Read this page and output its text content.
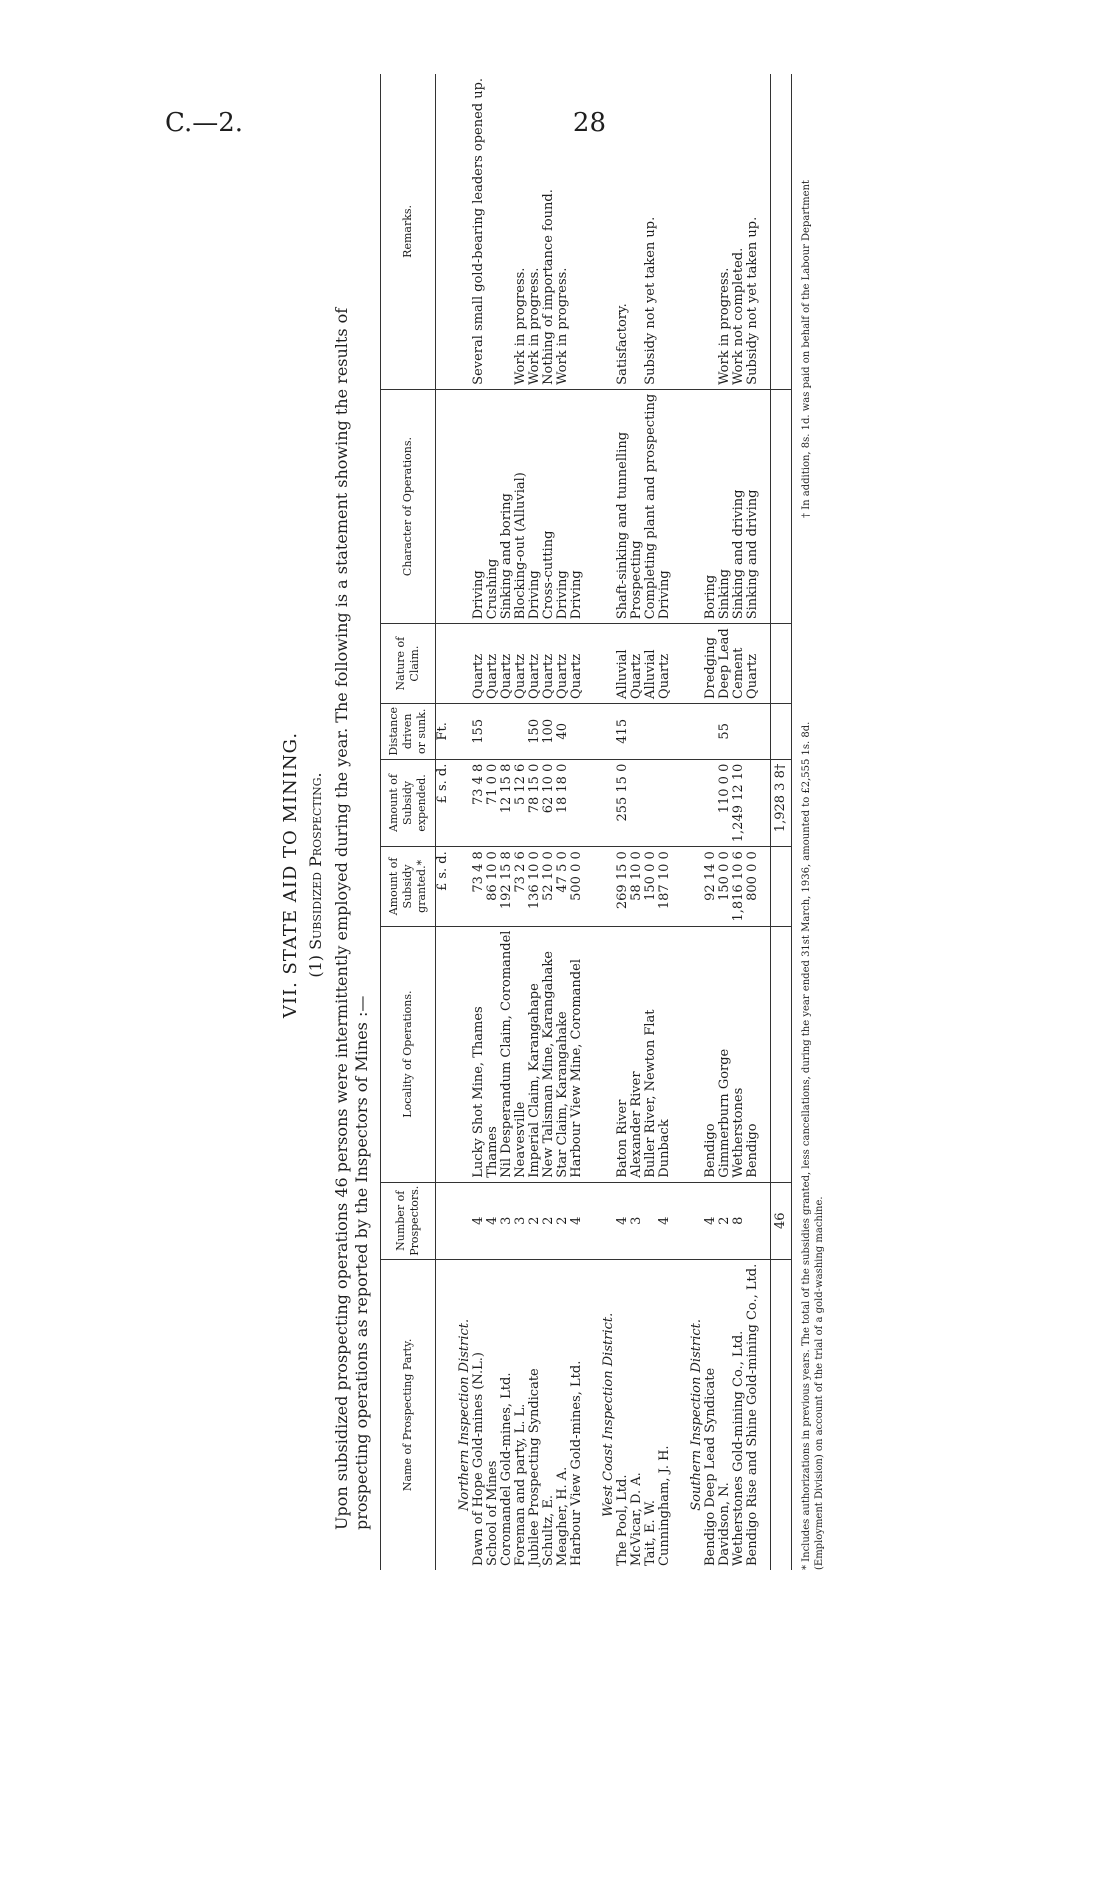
C.—2.	28
VII. STATE AID TO MINING. (1) Subsidized Prospecting. Upon subsidized prospecting operations 46 persons were intermittently employed during the year. The following is a statement showing the results of prospecting operations as reported by the Inspectors of Mines :—	Name of Prospecting Party.	Number of Prospectors.	Locality of Operations.	Amount of Subsidy granted.*	Amount of Subsidy expended.	Distance driven or sunk.	Nature of Claim.	Character of Operations.	Remarks.
			£ s. d.	£ s. d.	Ft.			
Northern Inspection District.								
Dawn of Hope Gold-mines (N.L.)	4	Lucky Shot Mine, Thames	73 4 8	73 4 8	155	Quartz	Driving	Several small gold-bearing leaders opened up.
School of Mines	4	Thames	86 10 0	71 0 0		Quartz	Crushing	
Coromandel Gold-mines, Ltd.	3	Nil Desperandum Claim, Coromandel	192 15 8	12 15 8		Quartz	Sinking and boring	
Foreman and party, L. L.	3	Neavesville	73 2 6	5 12 6		Quartz	Blocking-out (Alluvial)	Work in progress.
Jubilee Prospecting Syndicate	2	Imperial Claim, Karangahape	136 10 0	78 15 0	150	Quartz	Driving	Work in progress.
Schultz, E.	2	New Talisman Mine, Karangahake	52 10 0	62 10 0	100	Quartz	Cross-cutting	Nothing of importance found.
Meagher, H. A.	2	Star Claim, Karangahake	47 5 0	18 18 0	40	Quartz	Driving	Work in progress.
Harbour View Gold-mines, Ltd.	4	Harbour View Mine, Coromandel	500 0 0			Quartz	Driving	

West Coast Inspection District.								
The Pool, Ltd.	4	Baton River	269 15 0	255 15 0	415	Alluvial	Shaft-sinking and tunnelling	Satisfactory.
McVicar, D. A.	3	Alexander River	58 10 0			Quartz	Prospecting	
Tait, E. W.		Buller River, Newton Flat	150 0 0			Alluvial	Completing plant and prospecting	Subsidy not yet taken up.
Cunningham, J. H.	4	Dunback	187 10 0			Quartz	Driving	

Southern Inspection District.								
Bendigo Deep Lead Syndicate	4	Bendigo	92 14 0			Dredging	Boring	
Davidson, N.	2	Gimmerburn Gorge	150 0 0	110 0 0	55	Deep Lead	Sinking	Work in progress.
Wetherstones Gold-mining Co., Ltd.	8	Wetherstones	1,816 10 6	1,249 12 10		Cement	Sinking and driving	Work not completed.
Bendigo Rise and Shine Gold-mining Co., Ltd.		Bendigo	800 0 0			Quartz	Sinking and driving	Subsidy not yet taken up.

	46			1,928 3 8†				* Includes authorizations in previous years. The total of the subsidies granted, less cancellations, during the year ended 31st March, 1936, amounted to £2,555 1s. 8d. (Employment Division) on account of the trial of a gold-washing machine.
† In addition, 8s. 1d. was paid on behalf of the Labour Department
